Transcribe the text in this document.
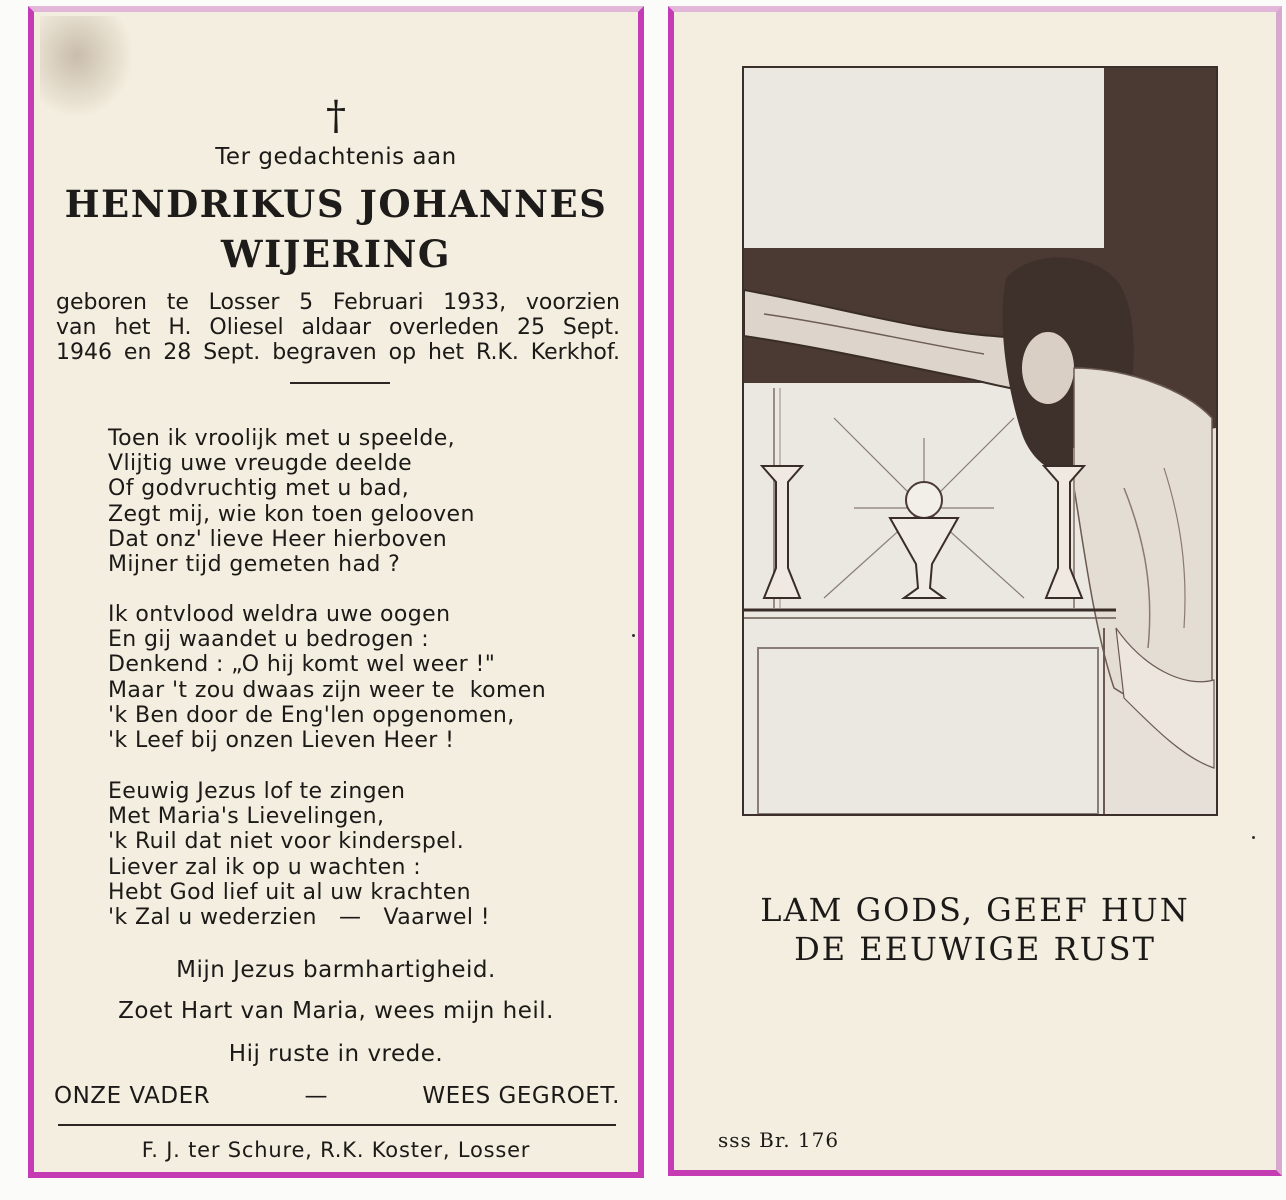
†
Ter gedachtenis aan
HENDRIKUS JOHANNES
WIJERING
geboren te Losser 5 Februari 1933, voorzien
van het H. Oliesel aldaar overleden 25 Sept.
1946 en 28 Sept. begraven op het R.K. Kerkhof.
Toen ik vroolijk met u speelde,
Vlijtig uwe vreugde deelde
Of godvruchtig met u bad,
Zegt mij, wie kon toen gelooven
Dat onz' lieve Heer hierboven
Mijner tijd gemeten had ?
Ik ontvlood weldra uwe oogen
En gij waandet u bedrogen :
Denkend : „O hij komt wel weer !"
Maar 't zou dwaas zijn weer te  komen
'k Ben door de Eng'len opgenomen,
'k Leef bij onzen Lieven Heer !
Eeuwig Jezus lof te zingen
Met Maria's Lievelingen,
'k Ruil dat niet voor kinderspel.
Liever zal ik op u wachten :
Hebt God lief uit al uw krachten
'k Zal u wederzien   —   Vaarwel !
Mijn Jezus barmhartigheid.
Zoet Hart van Maria, wees mijn heil.
Hij ruste in vrede.
ONZE VADER	—	WEES GEGROET.
F. J. ter Schure, R.K. Koster, Losser
LAM GODS, GEEF HUN
DE EEUWIGE RUST
sss Br. 176
